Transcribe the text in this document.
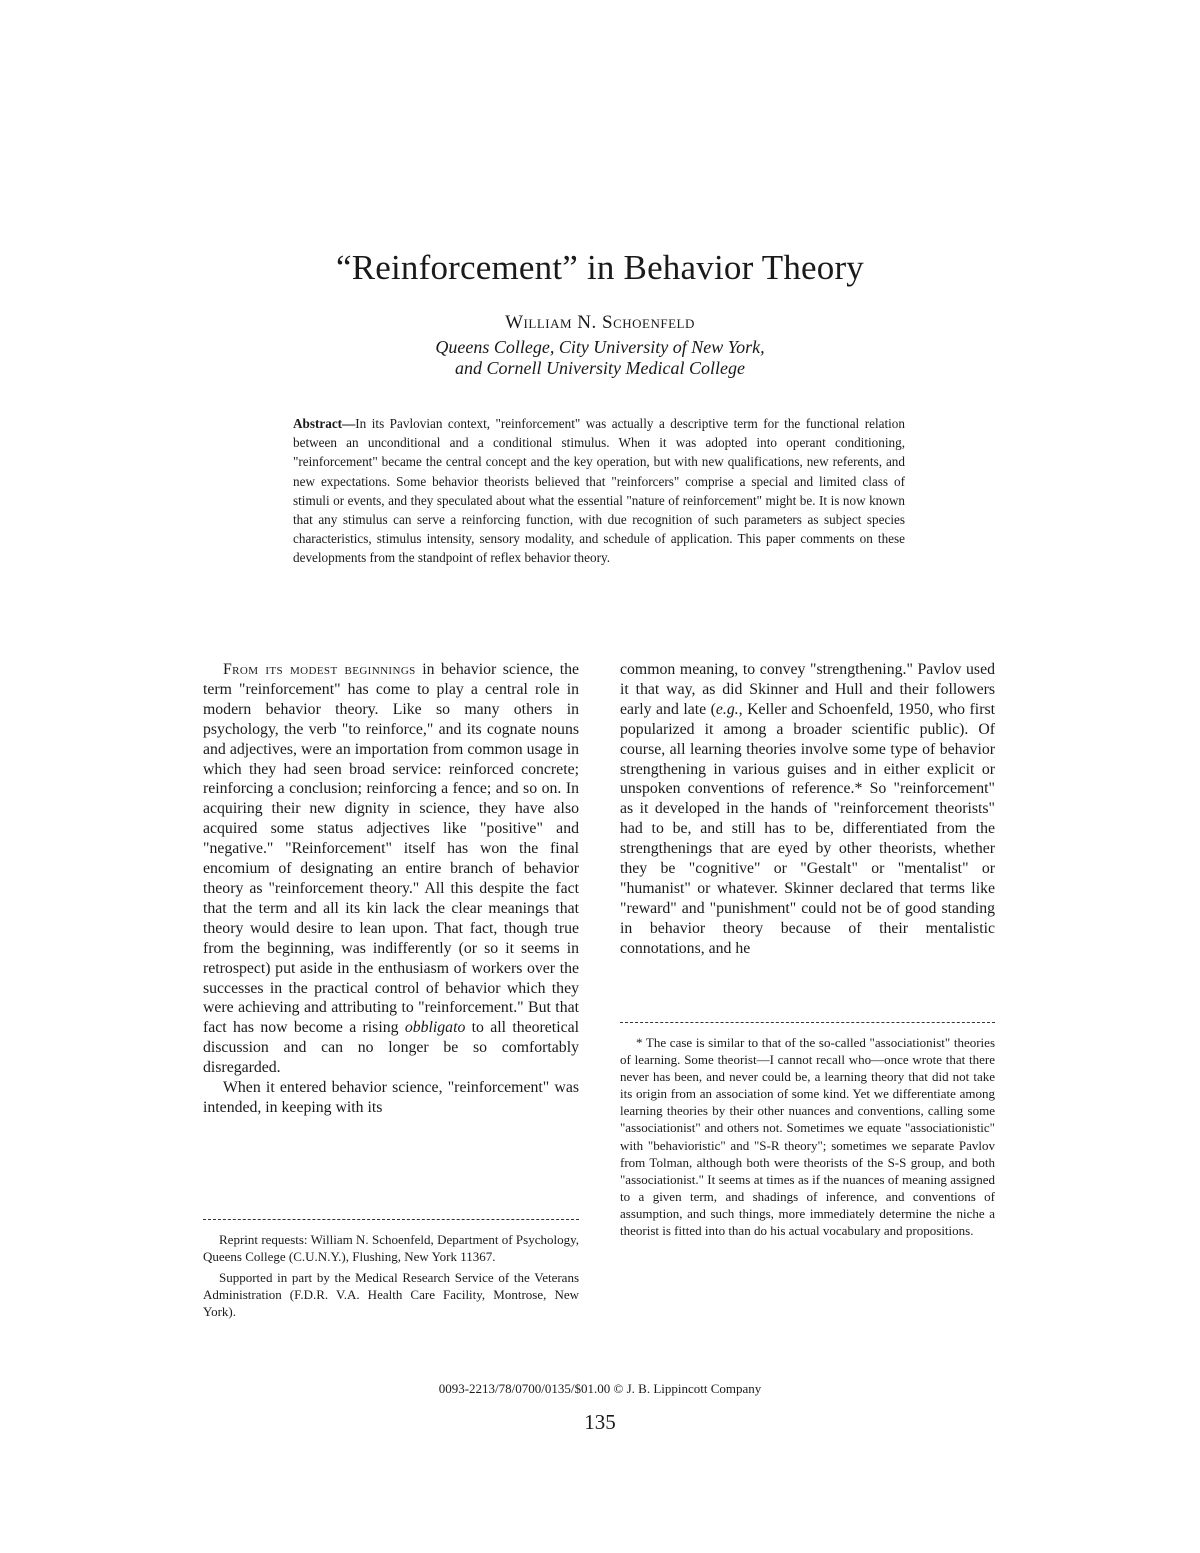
“Reinforcement” in Behavior Theory
William N. Schoenfeld
Queens College, City University of New York,
and Cornell University Medical College
Abstract—In its Pavlovian context, "reinforcement" was actually a descriptive term for the functional relation between an unconditional and a conditional stimulus. When it was adopted into operant conditioning, "reinforcement" became the central concept and the key operation, but with new qualifications, new referents, and new expectations. Some behavior theorists believed that "reinforcers" comprise a special and limited class of stimuli or events, and they speculated about what the essential "nature of reinforcement" might be. It is now known that any stimulus can serve a reinforcing function, with due recognition of such parameters as subject species characteristics, stimulus intensity, sensory modality, and schedule of application. This paper comments on these developments from the standpoint of reflex behavior theory.

From its modest beginnings in behavior science, the term "reinforcement" has come to play a central role in modern behavior theory. Like so many others in psychology, the verb "to reinforce," and its cognate nouns and adjectives, were an importation from common usage in which they had seen broad service: reinforced concrete; reinforcing a conclusion; reinforcing a fence; and so on. In acquiring their new dignity in science, they have also acquired some status adjectives like "positive" and "negative." "Reinforcement" itself has won the final encomium of designating an entire branch of behavior theory as "reinforcement theory." All this despite the fact that the term and all its kin lack the clear meanings that theory would desire to lean upon. That fact, though true from the beginning, was indifferently (or so it seems in retrospect) put aside in the enthusiasm of workers over the successes in the practical control of behavior which they were achieving and attributing to "reinforcement." But that fact has now become a rising obbligato to all theoretical discussion and can no longer be so comfortably disregarded.

When it entered behavior science, "reinforcement" was intended, in keeping with its

common meaning, to convey "strengthening." Pavlov used it that way, as did Skinner and Hull and their followers early and late (e.g., Keller and Schoenfeld, 1950, who first popularized it among a broader scientific public). Of course, all learning theories involve some type of behavior strengthening in various guises and in either explicit or unspoken conventions of reference.* So "reinforcement" as it developed in the hands of "reinforcement theorists" had to be, and still has to be, differentiated from the strengthenings that are eyed by other theorists, whether they be "cognitive" or "Gestalt" or "mentalist" or "humanist" or whatever. Skinner declared that terms like "reward" and "punishment" could not be of good standing in behavior theory because of their mentalistic connotations, and he

Reprint requests: William N. Schoenfeld, Department of Psychology, Queens College (C.U.N.Y.), Flushing, New York 11367.

Supported in part by the Medical Research Service of the Veterans Administration (F.D.R. V.A. Health Care Facility, Montrose, New York).

* The case is similar to that of the so-called "associationist" theories of learning. Some theorist—I cannot recall who—once wrote that there never has been, and never could be, a learning theory that did not take its origin from an association of some kind. Yet we differentiate among learning theories by their other nuances and conventions, calling some "associationist" and others not. Sometimes we equate "associationistic" with "behavioristic" and "S-R theory"; sometimes we separate Pavlov from Tolman, although both were theorists of the S-S group, and both "associationist." It seems at times as if the nuances of meaning assigned to a given term, and shadings of inference, and conventions of assumption, and such things, more immediately determine the niche a theorist is fitted into than do his actual vocabulary and propositions.

0093-2213/78/0700/0135/$01.00 © J. B. Lippincott Company
135
